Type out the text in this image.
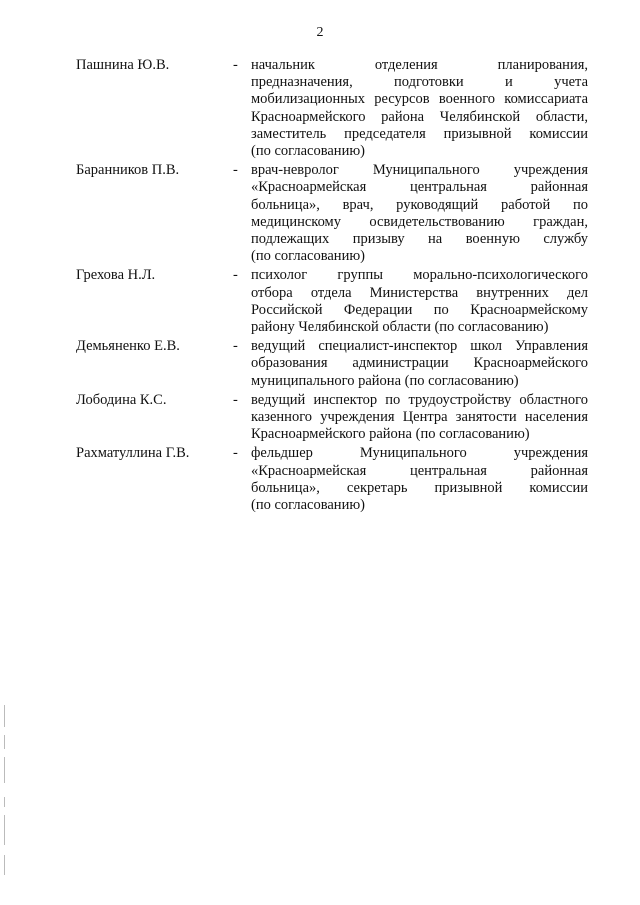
2
Пашнина Ю.В.	- начальник отделения планирования,
предназначения, подготовки и учета
мобилизационных ресурсов военного комиссариата
Красноармейского района Челябинской области,
заместитель председателя призывной комиссии
(по согласованию)
Баранников П.В.	- врач-невролог Муниципального учреждения
«Красноармейская центральная районная
больница», врач, руководящий работой по
медицинскому освидетельствованию граждан,
подлежащих призыву на военную службу
(по согласованию)
Грехова Н.Л.	- психолог группы морально-психологического
отбора отдела Министерства внутренних дел
Российской Федерации по Красноармейскому
району Челябинской области (по согласованию)
Демьяненко Е.В.	- ведущий специалист-инспектор школ Управления
образования администрации Красноармейского
муниципального района (по согласованию)
Лободина К.С.	- ведущий инспектор по трудоустройству областного
казенного учреждения Центра занятости населения
Красноармейского района (по согласованию)
Рахматуллина Г.В.	- фельдшер Муниципального учреждения
«Красноармейская центральная районная
больница», секретарь призывной комиссии
(по согласованию)
